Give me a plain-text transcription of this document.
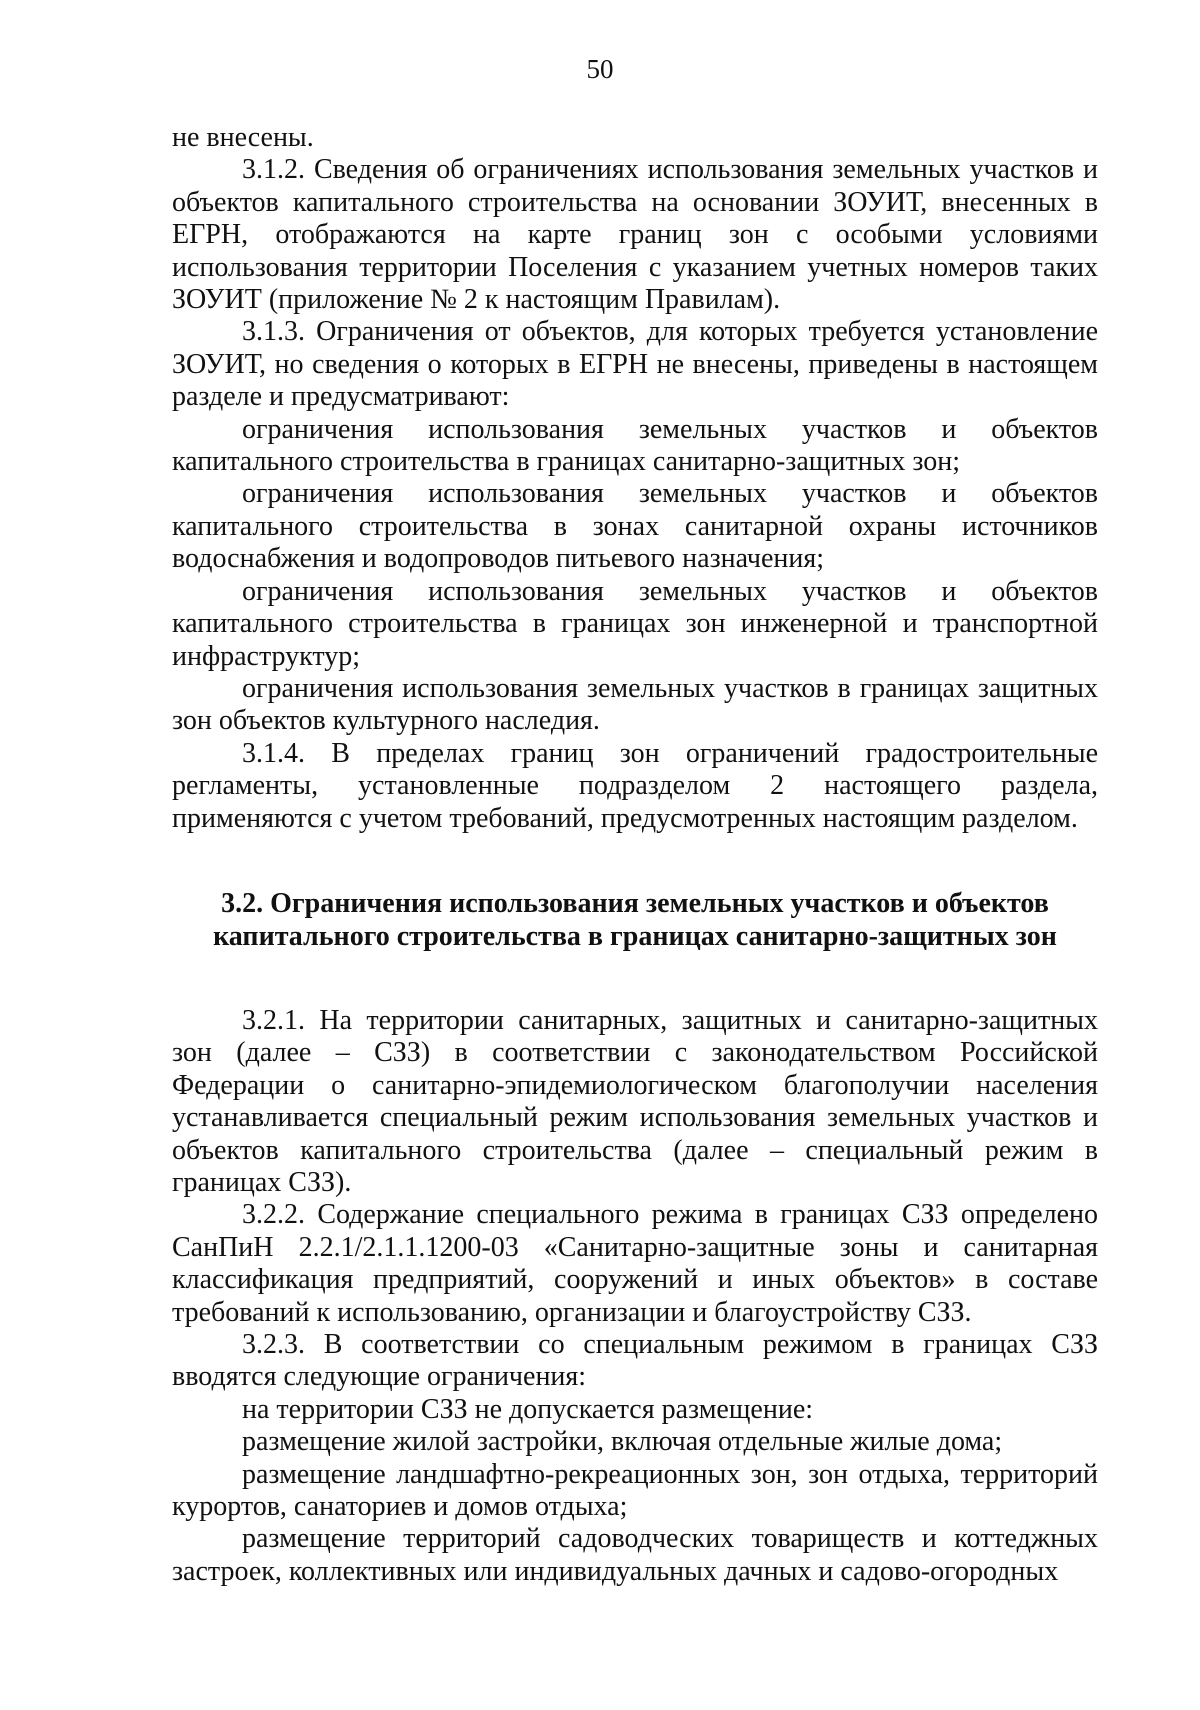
50

не внесены.

3.1.2. Сведения об ограничениях использования земельных участков и объектов капитального строительства на основании ЗОУИТ, внесенных в ЕГРН, отображаются на карте границ зон с особыми условиями использования территории Поселения с указанием учетных номеров таких ЗОУИТ (приложение № 2 к настоящим Правилам).

3.1.3. Ограничения от объектов, для которых требуется установление ЗОУИТ, но сведения о которых в ЕГРН не внесены, приведены в настоящем разделе и предусматривают:

ограничения использования земельных участков и объектов капитального строительства в границах санитарно-защитных зон;

ограничения использования земельных участков и объектов капитального строительства в зонах санитарной охраны источников водоснабжения и водопроводов питьевого назначения;

ограничения использования земельных участков и объектов капитального строительства в границах зон инженерной и транспортной инфраструктур;

ограничения использования земельных участков в границах защитных зон объектов культурного наследия.

3.1.4. В пределах границ зон ограничений градостроительные регламенты, установленные подразделом 2 настоящего раздела, применяются с учетом требований, предусмотренных настоящим разделом.

3.2. Ограничения использования земельных участков и объектов
капитального строительства в границах санитарно-защитных зон

3.2.1. На территории санитарных, защитных и санитарно-защитных зон (далее – СЗЗ) в соответствии с законодательством Российской Федерации о санитарно-эпидемиологическом благополучии населения устанавливается специальный режим использования земельных участков и объектов капитального строительства (далее – специальный режим в границах СЗЗ).

3.2.2. Содержание специального режима в границах СЗЗ определено СанПиН 2.2.1/2.1.1.1200-03 «Санитарно-защитные зоны и санитарная классификация предприятий, сооружений и иных объектов» в составе требований к использованию, организации и благоустройству СЗЗ.

3.2.3. В соответствии со специальным режимом в границах СЗЗ вводятся следующие ограничения:

на территории СЗЗ не допускается размещение:

размещение жилой застройки, включая отдельные жилые дома;

размещение ландшафтно-рекреационных зон, зон отдыха, территорий курортов, санаториев и домов отдыха;

размещение территорий садоводческих товариществ и коттеджных застроек, коллективных или индивидуальных дачных и садово-огородных
